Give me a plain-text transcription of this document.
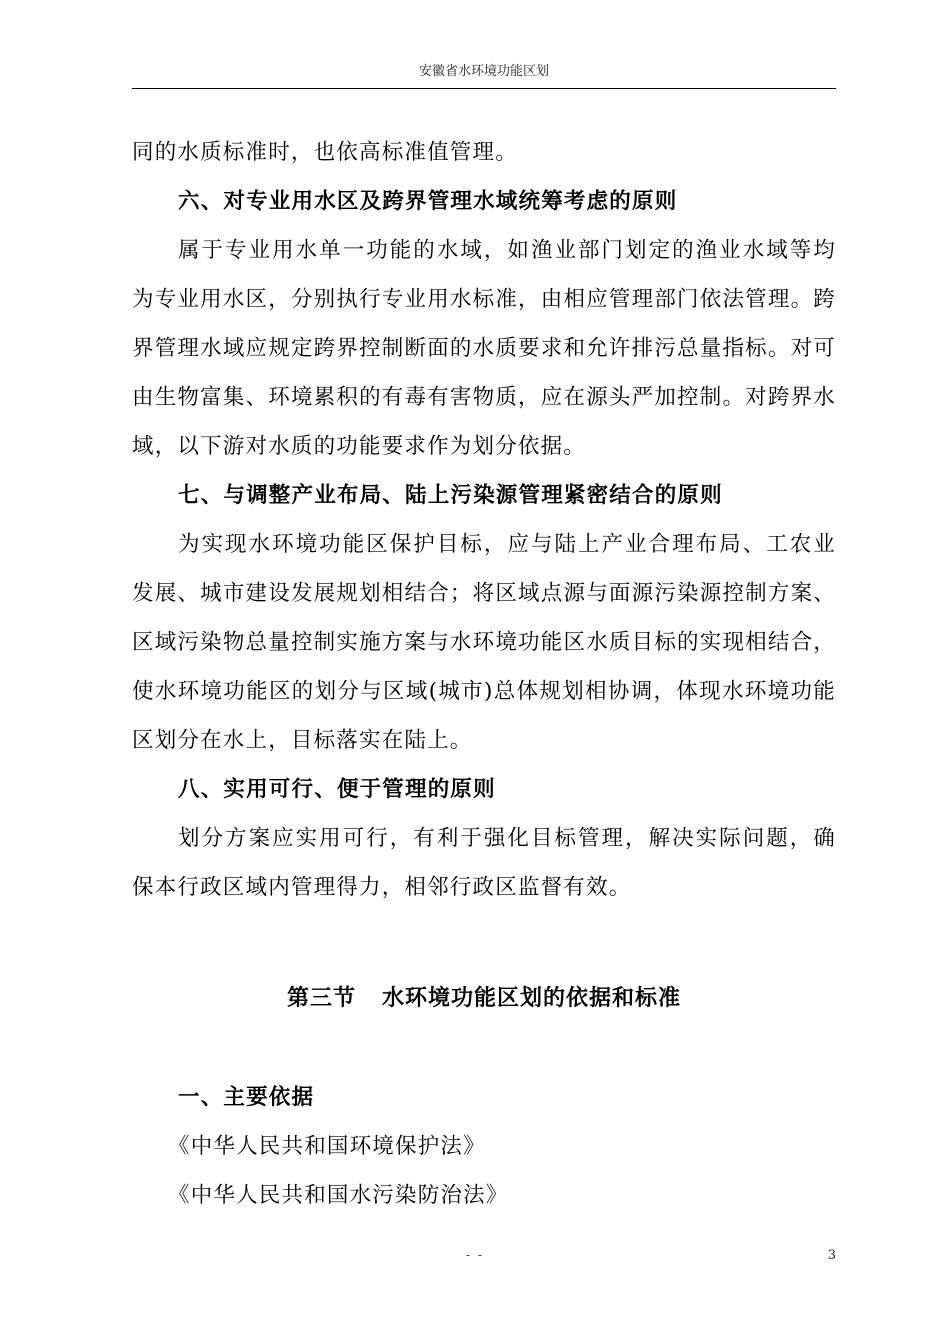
安徽省水环境功能区划

同的水质标准时，也依高标准值管理。

六、对专业用水区及跨界管理水域统筹考虑的原则

属于专业用水单一功能的水域，如渔业部门划定的渔业水域等均为专业用水区，分别执行专业用水标准，由相应管理部门依法管理。跨界管理水域应规定跨界控制断面的水质要求和允许排污总量指标。对可由生物富集、环境累积的有毒有害物质，应在源头严加控制。对跨界水域，以下游对水质的功能要求作为划分依据。

七、与调整产业布局、陆上污染源管理紧密结合的原则

为实现水环境功能区保护目标，应与陆上产业合理布局、工农业发展、城市建设发展规划相结合；将区域点源与面源污染源控制方案、区域污染物总量控制实施方案与水环境功能区水质目标的实现相结合，使水环境功能区的划分与区域(城市)总体规划相协调，体现水环境功能区划分在水上，目标落实在陆上。

八、实用可行、便于管理的原则

划分方案应实用可行，有利于强化目标管理，解决实际问题，确保本行政区域内管理得力，相邻行政区监督有效。

第三节 水环境功能区划的依据和标准

一、主要依据

《中华人民共和国环境保护法》

《中华人民共和国水污染防治法》

- -	3
